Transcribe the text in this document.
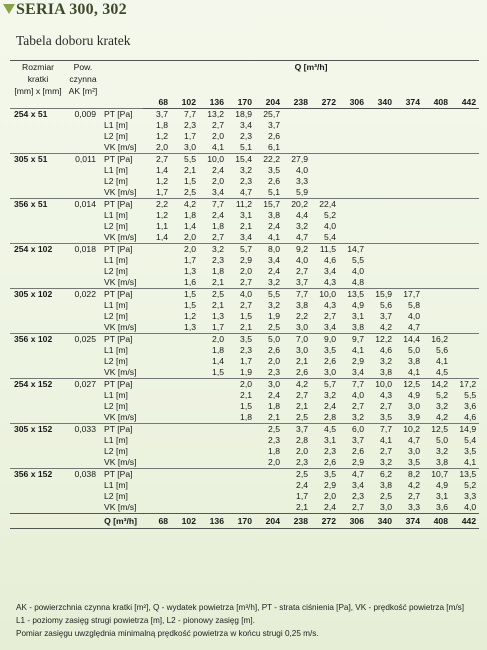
SERIA 300, 302
Tabela doboru kratek
Rozmiar	Pow.		Q [m³/h]											
kratki	czynna													
[mm] x [mm]	AK [m²]													
			68	102	136	170	204	238	272	306	340	374	408	442
254 x 51	0,009	PT [Pa]	3,7	7,7	13,2	18,9	25,7							
		L1 [m]	1,8	2,3	2,7	3,4	3,7							
		L2 [m]	1,2	1,7	2,0	2,3	2,6							
		VK [m/s]	2,0	3,0	4,1	5,1	6,1							
305 x 51	0,011	PT [Pa]	2,7	5,5	10,0	15,4	22,2	27,9						
		L1 [m]	1,4	2,1	2,4	3,2	3,5	4,0						
		L2 [m]	1,2	1,5	2,0	2,3	2,6	3,3						
		VK [m/s]	1,7	2,5	3,4	4,7	5,1	5,9						
356 x 51	0,014	PT [Pa]	2,2	4,2	7,7	11,2	15,7	20,2	22,4					
		L1 [m]	1,2	1,8	2,4	3,1	3,8	4,4	5,2					
		L2 [m]	1,1	1,4	1,8	2,1	2,4	3,2	4,0					
		VK [m/s]	1,4	2,0	2,7	3,4	4,1	4,7	5,4					
254 x 102	0,018	PT [Pa]		2,0	3,2	5,7	8,0	9,2	11,5	14,7				
		L1 [m]		1,7	2,3	2,9	3,4	4,0	4,6	5,5				
		L2 [m]		1,3	1,8	2,0	2,4	2,7	3,4	4,0				
		VK [m/s]		1,6	2,1	2,7	3,2	3,7	4,3	4,8				
305 x 102	0,022	PT [Pa]		1,5	2,5	4,0	5,5	7,7	10,0	13,5	15,9	17,7		
		L1 [m]		1,5	2,1	2,7	3,2	3,8	4,3	4,9	5,6	5,8		
		L2 [m]		1,2	1,3	1,5	1,9	2,2	2,7	3,1	3,7	4,0		
		VK [m/s]		1,3	1,7	2,1	2,5	3,0	3,4	3,8	4,2	4,7		
356 x 102	0,025	PT [Pa]			2,0	3,5	5,0	7,0	9,0	9,7	12,2	14,4	16,2	
		L1 [m]			1,8	2,3	2,6	3,0	3,5	4,1	4,6	5,0	5,6	
		L2 [m]			1,4	1,7	2,0	2,1	2,6	2,9	3,2	3,8	4,1	
		VK [m/s]			1,5	1,9	2,3	2,6	3,0	3,4	3,8	4,1	4,5	
254 x 152	0,027	PT [Pa]				2,0	3,0	4,2	5,7	7,7	10,0	12,5	14,2	17,2
		L1 [m]				2,1	2,4	2,7	3,2	4,0	4,3	4,9	5,2	5,5
		L2 [m]				1,5	1,8	2,1	2,4	2,7	2,7	3,0	3,2	3,6
		VK [m/s]				1,8	2,1	2,5	2,8	3,2	3,5	3,9	4,2	4,6
305 x 152	0,033	PT [Pa]					2,5	3,7	4,5	6,0	7,7	10,2	12,5	14,9
		L1 [m]					2,3	2,8	3,1	3,7	4,1	4,7	5,0	5,4
		L2 [m]					1,8	2,0	2,3	2,6	2,7	3,0	3,2	3,5
		VK [m/s]					2,0	2,3	2,6	2,9	3,2	3,5	3,8	4,1
356 x 152	0,038	PT [Pa]						2,5	3,5	4,7	6,2	8,2	10,7	13,5
		L1 [m]						2,4	2,9	3,4	3,8	4,2	4,9	5,2
		L2 [m]						1,7	2,0	2,3	2,5	2,7	3,1	3,3
		VK [m/s]						2,1	2,4	2,7	3,0	3,3	3,6	4,0
Q [m³/h]			68	102	136	170	204	238	272	306	340	374	408	442
AK - powierzchnia czynna kratki [m²], Q - wydatek powietrza [m³/h], PT - strata ciśnienia [Pa], VK - prędkość powietrza [m/s]
L1 - poziomy zasięg strugi powietrza [m], L2 - pionowy zasięg [m].
Pomiar zasięgu uwzględnia minimalną prędkość powietrza w końcu strugi 0,25 m/s.
